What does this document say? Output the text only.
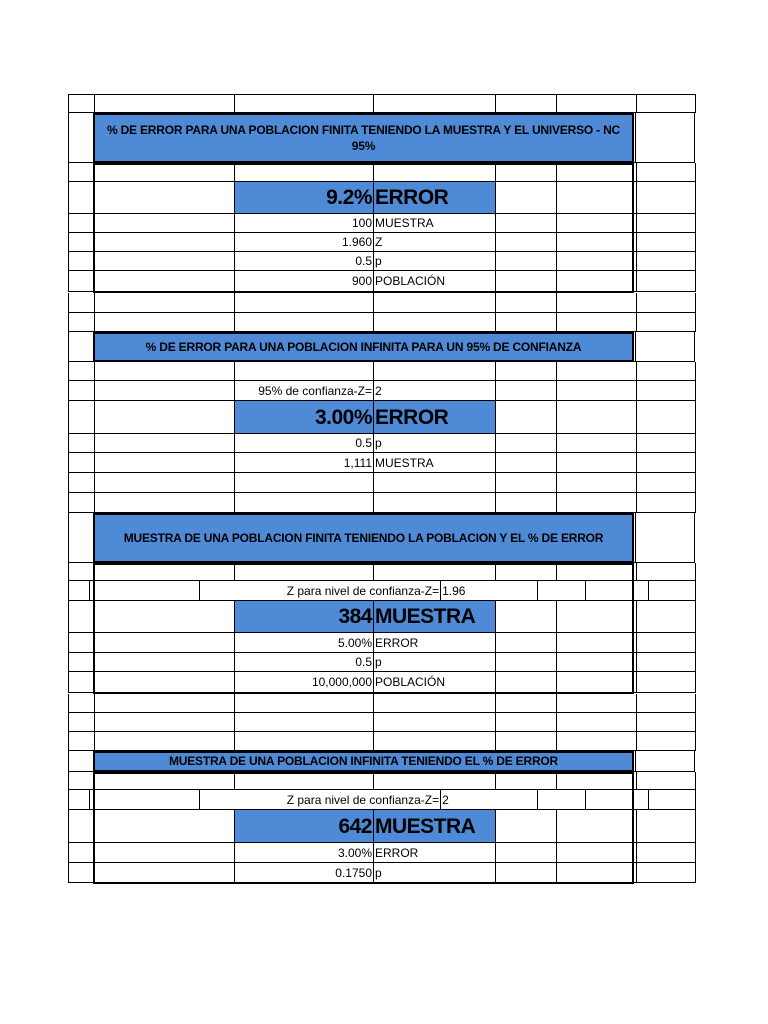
% DE ERROR PARA UNA POBLACION FINITA TENIENDO LA MUESTRA Y EL UNIVERSO - NC 95%
9.2% ERROR
100 MUESTRA
1.960 Z
0.5 p
900 POBLACIÓN
% DE ERROR PARA UNA POBLACION INFINITA PARA UN 95% DE CONFIANZA
95% de confianza-Z= 2
3.00% ERROR
0.5 p
1,111 MUESTRA
MUESTRA DE UNA POBLACION FINITA TENIENDO LA POBLACION Y EL % DE ERROR
Z para nivel de confianza-Z= 1.96
384 MUESTRA
5.00% ERROR
0.5 p
10,000,000 POBLACIÓN
MUESTRA DE UNA POBLACION INFINITA TENIENDO EL % DE ERROR
Z para nivel de confianza-Z= 2
642 MUESTRA
3.00% ERROR
0.1750 p
